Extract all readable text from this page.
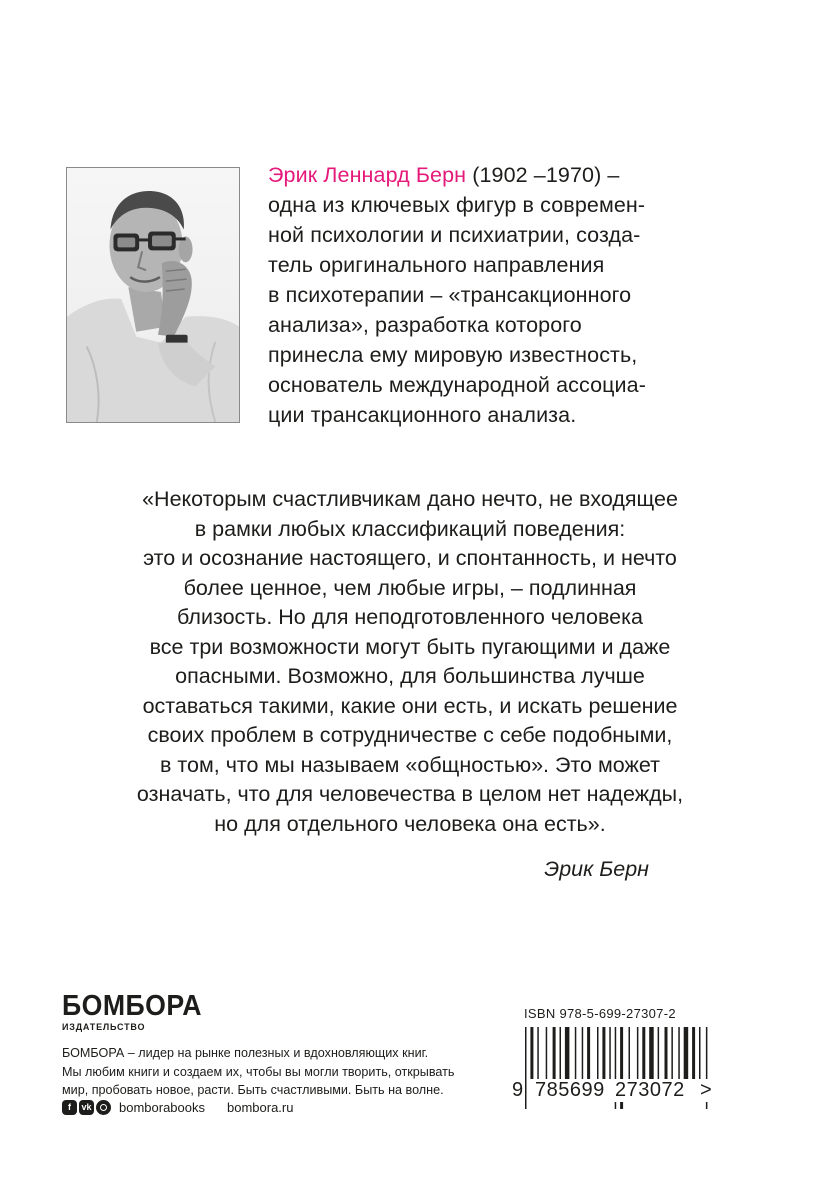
Эрик Леннард Берн (1902 –1970) –
одна из ключевых фигур в современ-
ной психологии и психиатрии, созда-
тель оригинального направления
в психотерапии – «трансакционного
анализа», разработка которого
принесла ему мировую известность,
основатель международной ассоциа-
ции трансакционного анализа.
«Некоторым счастливчикам дано нечто, не входящее
в рамки любых классификаций поведения:
это и осознание настоящего, и спонтанность, и нечто
более ценное, чем любые игры, – подлинная
близость. Но для неподготовленного человека
все три возможности могут быть пугающими и даже
опасными. Возможно, для большинства лучше
оставаться такими, какие они есть, и искать решение
своих проблем в сотрудничестве с себе подобными,
в том, что мы называем «общностью». Это может
означать, что для человечества в целом нет надежды,
но для отдельного человека она есть».
Эрик Берн
БОМБОРА
ИЗДАТЕЛЬСТВО
БОМБОРА – лидер на рынке полезных и вдохновляющих книг.
Мы любим книги и создаем их, чтобы вы могли творить, открывать
мир, пробовать новое, расти. Быть счастливыми. Быть на волне.
f	vk bomborabooks bombora.ru
ISBN 978-5-699-27307-2
9 785699 273072 >
